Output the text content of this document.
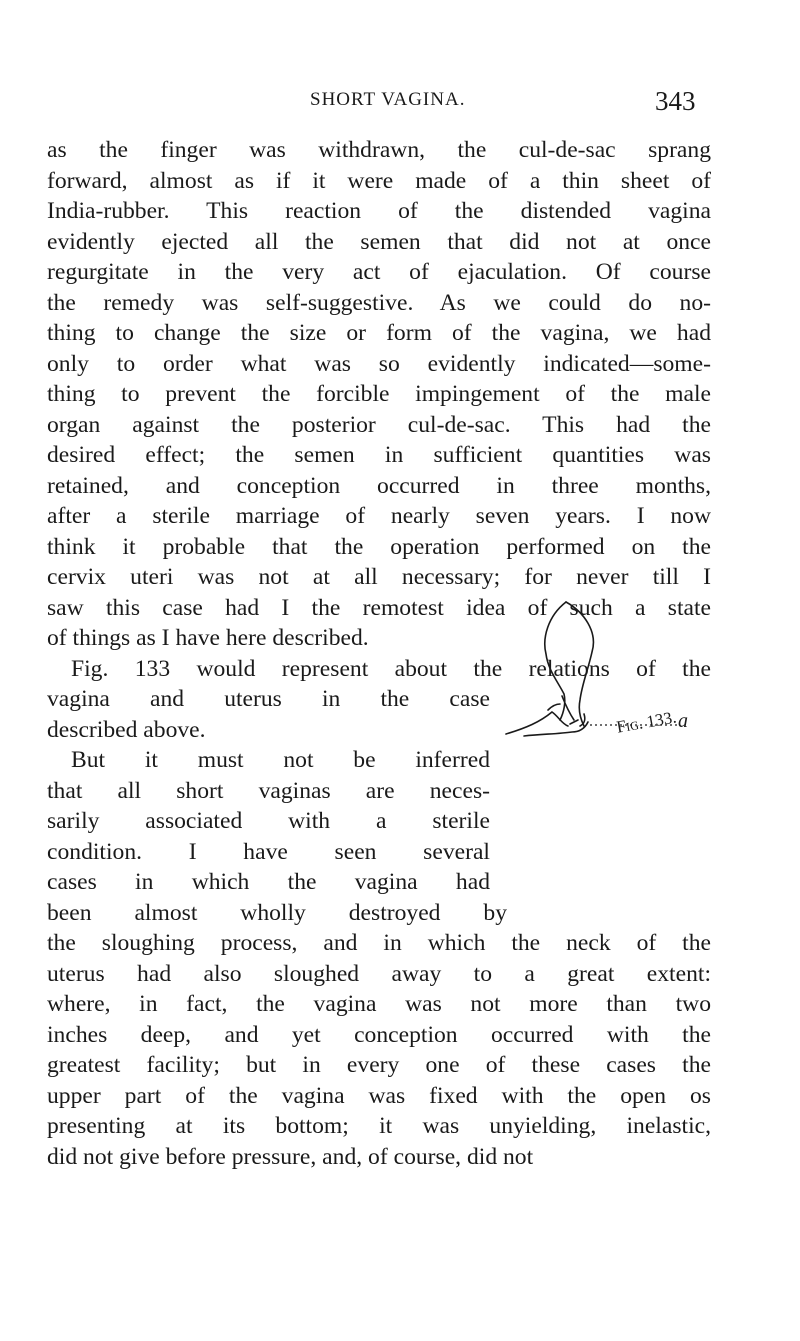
SHORT VAGINA.	343
as the finger was withdrawn, the cul-de-sac sprang
forward, almost as if it were made of a thin sheet of
India-rubber. This reaction of the distended vagina
evidently ejected all the semen that did not at once
regurgitate in the very act of ejaculation. Of course
the remedy was self-suggestive. As we could do no-
thing to change the size or form of the vagina, we had
only to order what was so evidently indicated—some-
thing to prevent the forcible impingement of the male
organ against the posterior cul-de-sac. This had the
desired effect; the semen in sufficient quantities was
retained, and conception occurred in three months,
after a sterile marriage of nearly seven years. I now
think it probable that the operation performed on the
cervix uteri was not at all necessary; for never till I
saw this case had I the remotest idea of such a state
of things as I have here described.
Fig. 133 would represent about the relations of the
vagina and uterus in the case
described above.
But it must not be inferred
that all short vaginas are neces-
sarily associated with a sterile
condition. I have seen several
cases in which the vagina had
been almost wholly destroyed by
the sloughing process, and in which the neck of the
uterus had also sloughed away to a great extent:
where, in fact, the vagina was not more than two
inches deep, and yet conception occurred with the
greatest facility; but in every one of these cases the
upper part of the vagina was fixed with the open os
presenting at its bottom; it was unyielding, inelastic,
did not give before pressure, and, of course, did not
a
Fig. 133.
